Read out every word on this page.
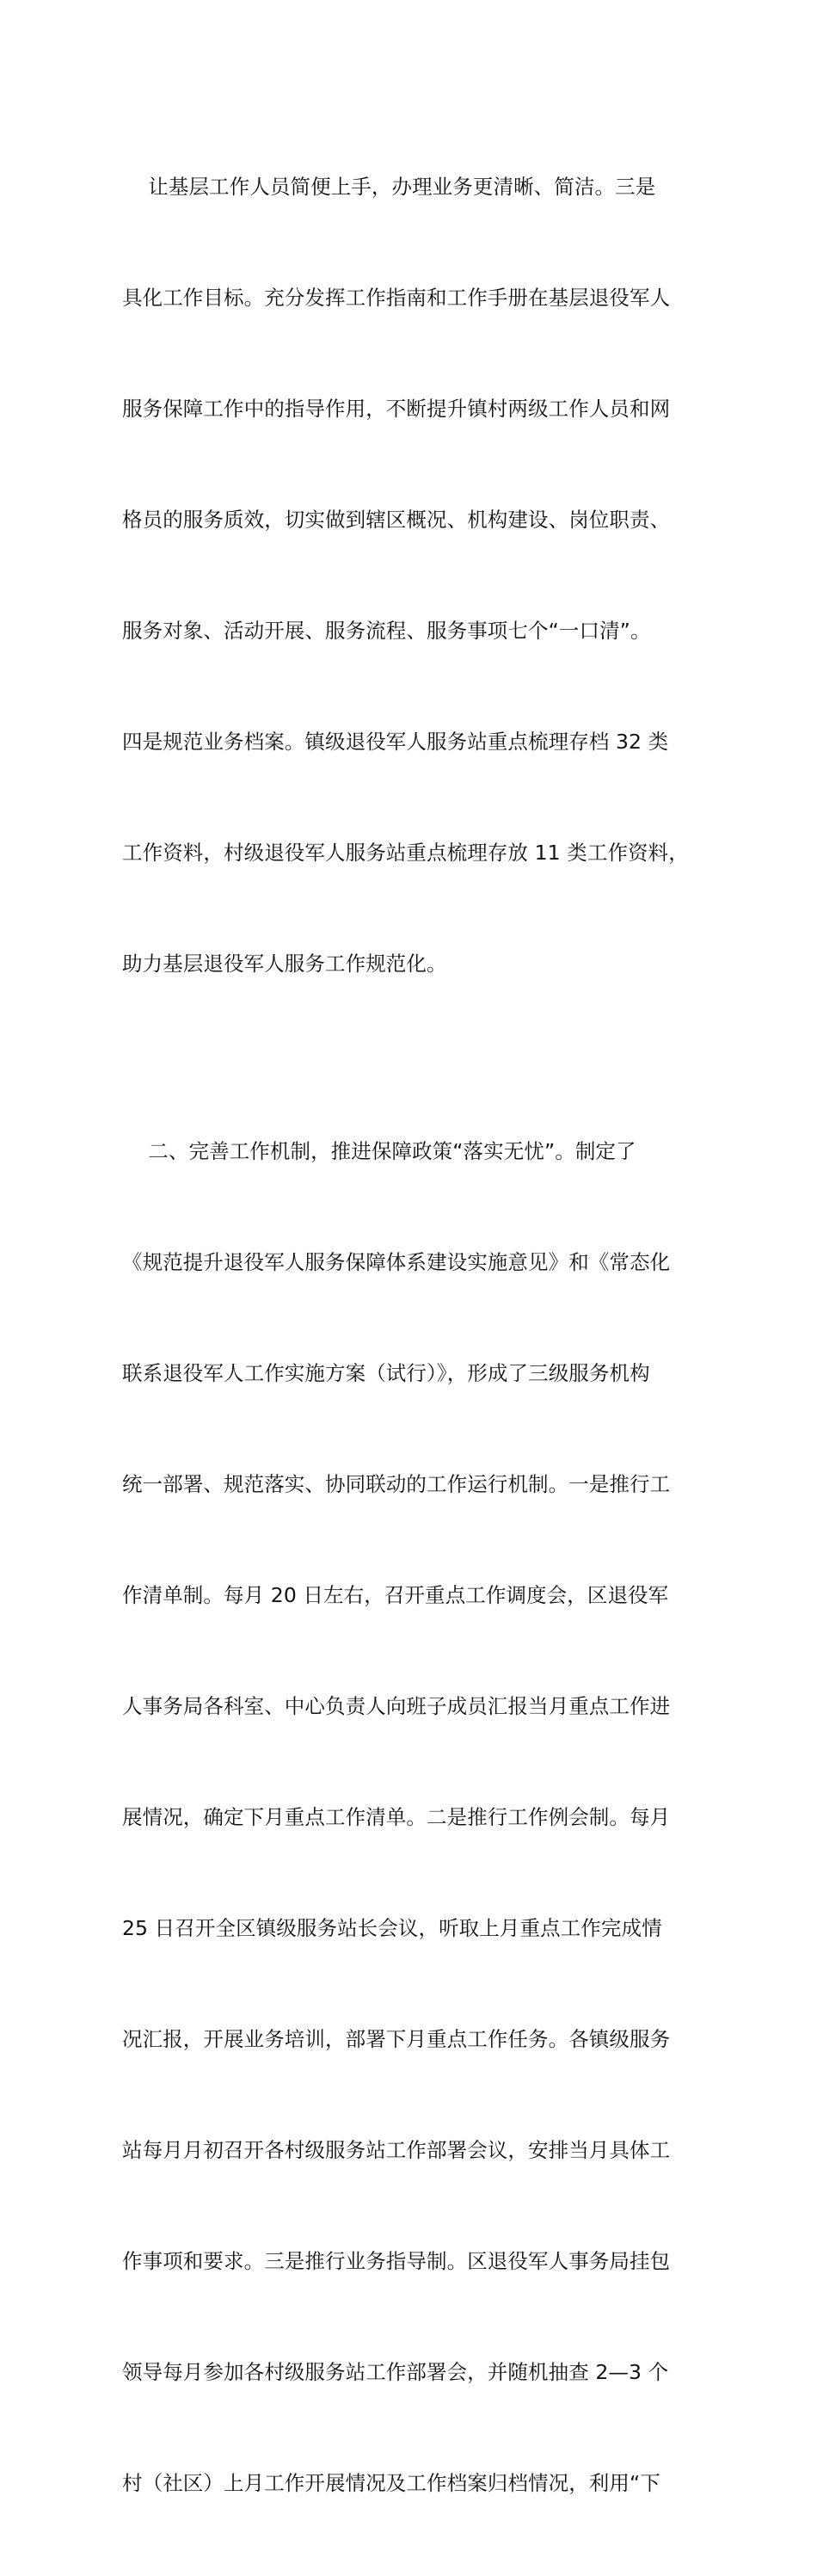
让基层工作人员简便上手，办理业务更清晰、简洁。三是

具化工作目标。充分发挥工作指南和工作手册在基层退役军人

服务保障工作中的指导作用，不断提升镇村两级工作人员和网

格员的服务质效，切实做到辖区概况、机构建设、岗位职责、

服务对象、活动开展、服务流程、服务事项七个“一口清”。

四是规范业务档案。镇级退役军人服务站重点梳理存档 32 类

工作资料，村级退役军人服务站重点梳理存放 11 类工作资料，

助力基层退役军人服务工作规范化。

二、完善工作机制，推进保障政策“落实无忧”。制定了

《规范提升退役军人服务保障体系建设实施意见》和《常态化

联系退役军人工作实施方案（试行）》，形成了三级服务机构

统一部署、规范落实、协同联动的工作运行机制。一是推行工

作清单制。每月 20 日左右，召开重点工作调度会，区退役军

人事务局各科室、中心负责人向班子成员汇报当月重点工作进

展情况，确定下月重点工作清单。二是推行工作例会制。每月

25 日召开全区镇级服务站长会议，听取上月重点工作完成情

况汇报，开展业务培训，部署下月重点工作任务。各镇级服务

站每月月初召开各村级服务站工作部署会议，安排当月具体工

作事项和要求。三是推行业务指导制。区退役军人事务局挂包

领导每月参加各村级服务站工作部署会，并随机抽查 2—3 个

村（社区）上月工作开展情况及工作档案归档情况，利用“下
